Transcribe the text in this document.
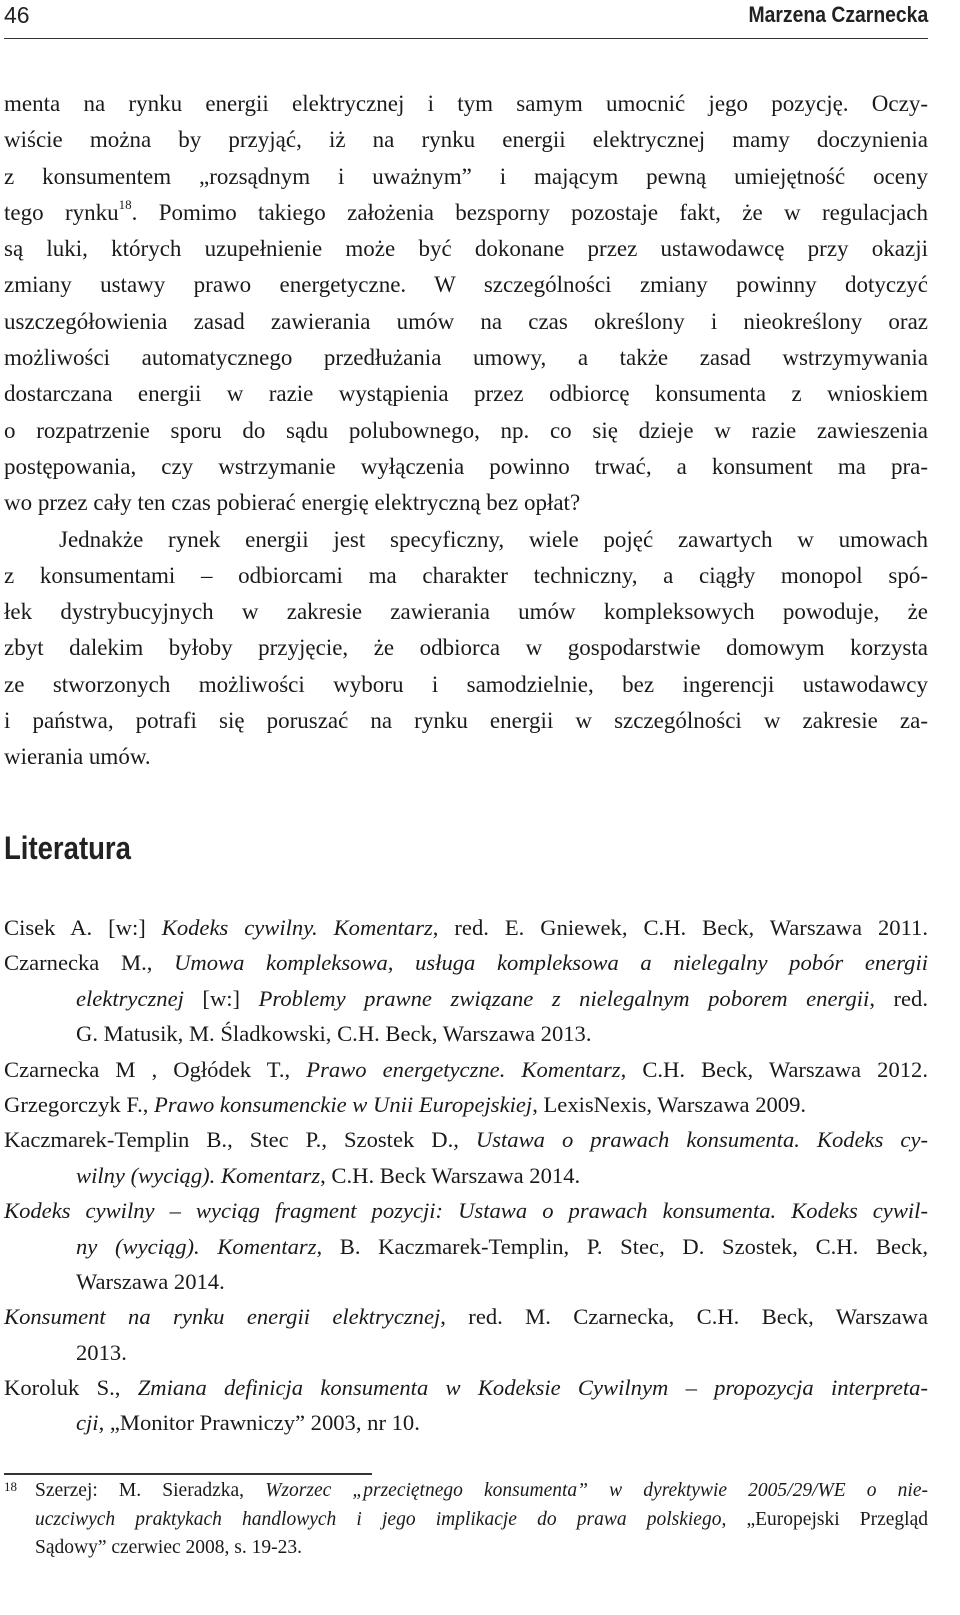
46	Marzena Czarnecka
menta na rynku energii elektrycznej i tym samym umocnić jego pozycję. Oczy-
wiście można by przyjąć, iż na rynku energii elektrycznej mamy doczynienia
z konsumentem „rozsądnym i uważnym” i mającym pewną umiejętność oceny
tego rynku$^{18}$. Pomimo takiego założenia bezsporny pozostaje fakt, że w regulacjach
są luki, których uzupełnienie może być dokonane przez ustawodawcę przy okazji
zmiany ustawy prawo energetyczne. W szczególności zmiany powinny dotyczyć
uszczegółowienia zasad zawierania umów na czas określony i nieokreślony oraz
możliwości automatycznego przedłużania umowy, a także zasad wstrzymywania
dostarczana energii w razie wystąpienia przez odbiorcę konsumenta z wnioskiem
o rozpatrzenie sporu do sądu polubownego, np. co się dzieje w razie zawieszenia
postępowania, czy wstrzymanie wyłączenia powinno trwać, a konsument ma pra-
wo przez cały ten czas pobierać energię elektryczną bez opłat?
Jednakże rynek energii jest specyficzny, wiele pojęć zawartych w umowach
z konsumentami – odbiorcami ma charakter techniczny, a ciągły monopol spó-
łek dystrybucyjnych w zakresie zawierania umów kompleksowych powoduje, że
zbyt dalekim byłoby przyjęcie, że odbiorca w gospodarstwie domowym korzysta
ze stworzonych możliwości wyboru i samodzielnie, bez ingerencji ustawodawcy
i państwa, potrafi się poruszać na rynku energii w szczególności w zakresie za-
wierania umów.
Literatura
Cisek A. [w:] Kodeks cywilny. Komentarz, red. E. Gniewek, C.H. Beck, Warszawa 2011.
Czarnecka M., Umowa kompleksowa, usługa kompleksowa a nielegalny pobór energii
elektrycznej [w:] Problemy prawne związane z nielegalnym poborem energii, red.
G. Matusik, M. Śladkowski, C.H. Beck, Warszawa 2013.
Czarnecka M , Ogłódek T., Prawo energetyczne. Komentarz, C.H. Beck, Warszawa 2012.
Grzegorczyk F., Prawo konsumenckie w Unii Europejskiej, LexisNexis, Warszawa 2009.
Kaczmarek-Templin B., Stec P., Szostek D., Ustawa o prawach konsumenta. Kodeks cy-
wilny (wyciąg). Komentarz, C.H. Beck Warszawa 2014.
Kodeks cywilny – wyciąg fragment pozycji: Ustawa o prawach konsumenta. Kodeks cywil-
ny (wyciąg). Komentarz, B. Kaczmarek-Templin, P. Stec, D. Szostek, C.H. Beck,
Warszawa 2014.
Konsument na rynku energii elektrycznej, red. M. Czarnecka, C.H. Beck, Warszawa
2013.
Koroluk S., Zmiana definicja konsumenta w Kodeksie Cywilnym – propozycja interpreta-
cji, „Monitor Prawniczy” 2003, nr 10.
18 Szerzej: M. Sieradzka, Wzorzec „przeciętnego konsumenta” w dyrektywie 2005/29/WE o nie-
uczciwych praktykach handlowych i jego implikacje do prawa polskiego, „Europejski Przegląd
Sądowy” czerwiec 2008, s. 19-23.
